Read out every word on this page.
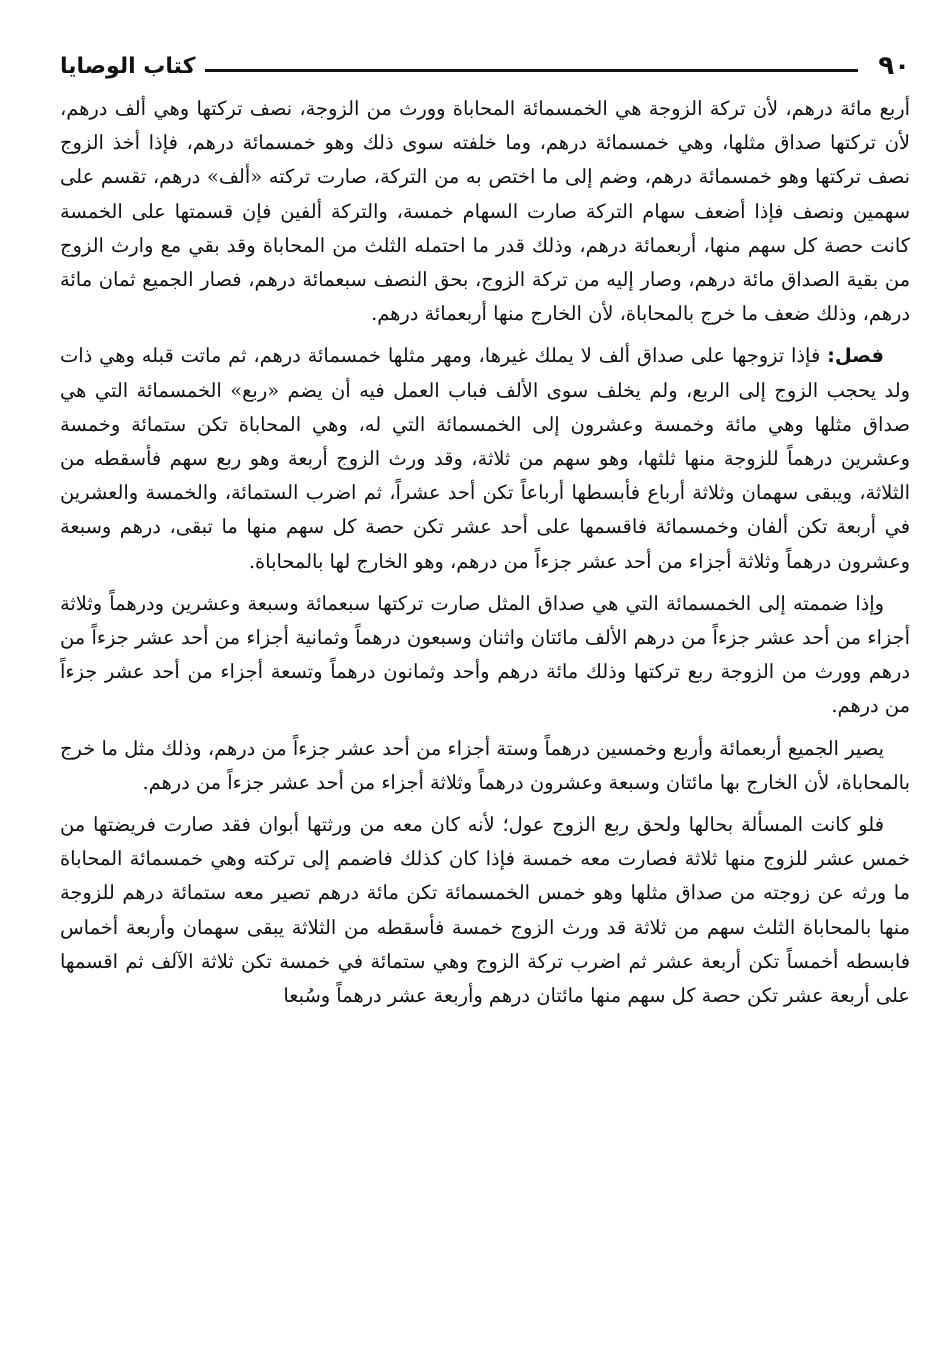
٩٠
كتاب الوصايا

أربع مائة درهم، لأن تركة الزوجة هي الخمسمائة المحاباة وورث من الزوجة، نصف تركتها وهي ألف درهم، لأن تركتها صداق مثلها، وهي خمسمائة درهم، وما خلفته سوى ذلك وهو خمسمائة درهم، فإذا أخذ الزوج نصف تركتها وهو خمسمائة درهم، وضم إلى ما اختص به من التركة، صارت تركته «ألف» درهم، تقسم على سهمين ونصف فإذا أضعف سهام التركة صارت السهام خمسة، والتركة ألفين فإن قسمتها على الخمسة كانت حصة كل سهم منها، أربعمائة درهم، وذلك قدر ما احتمله الثلث من المحاباة وقد بقي مع وارث الزوج من بقية الصداق مائة درهم، وصار إليه من تركة الزوج، بحق النصف سبعمائة درهم، فصار الجميع ثمان مائة درهم، وذلك ضعف ما خرج بالمحاباة، لأن الخارج منها أربعمائة درهم.

فصل: فإذا تزوجها على صداق ألف لا يملك غيرها، ومهر مثلها خمسمائة درهم، ثم ماتت قبله وهي ذات ولد يحجب الزوج إلى الربع، ولم يخلف سوى الألف فباب العمل فيه أن يضم «ربع» الخمسمائة التي هي صداق مثلها وهي مائة وخمسة وعشرون إلى الخمسمائة التي له، وهي المحاباة تكن ستمائة وخمسة وعشرين درهماً للزوجة منها ثلثها، وهو سهم من ثلاثة، وقد ورث الزوج أربعة وهو ربع سهم فأسقطه من الثلاثة، ويبقى سهمان وثلاثة أرباع فأبسطها أرباعاً تكن أحد عشراً، ثم اضرب الستمائة، والخمسة والعشرين في أربعة تكن ألفان وخمسمائة فاقسمها على أحد عشر تكن حصة كل سهم منها ما تبقى، درهم وسبعة وعشرون درهماً وثلاثة أجزاء من أحد عشر جزءاً من درهم، وهو الخارج لها بالمحاباة.

وإذا ضممته إلى الخمسمائة التي هي صداق المثل صارت تركتها سبعمائة وسبعة وعشرين ودرهماً وثلاثة أجزاء من أحد عشر جزءاً من درهم الألف مائتان واثنان وسبعون درهماً وثمانية أجزاء من أحد عشر جزءاً من درهم وورث من الزوجة ربع تركتها وذلك مائة درهم وأحد وثمانون درهماً وتسعة أجزاء من أحد عشر جزءاً من درهم.

يصير الجميع أربعمائة وأربع وخمسين درهماً وستة أجزاء من أحد عشر جزءاً من درهم، وذلك مثل ما خرج بالمحاباة، لأن الخارج بها مائتان وسبعة وعشرون درهماً وثلاثة أجزاء من أحد عشر جزءاً من درهم.

فلو كانت المسألة بحالها ولحق ربع الزوج عول؛ لأنه كان معه من ورثتها أبوان فقد صارت فريضتها من خمس عشر للزوج منها ثلاثة فصارت معه خمسة فإذا كان كذلك فاضمم إلى تركته وهي خمسمائة المحاباة ما ورثه عن زوجته من صداق مثلها وهو خمس الخمسمائة تكن مائة درهم تصير معه ستمائة درهم للزوجة منها بالمحاباة الثلث سهم من ثلاثة قد ورث الزوج خمسة فأسقطه من الثلاثة يبقى سهمان وأربعة أخماس فابسطه أخمساً تكن أربعة عشر ثم اضرب تركة الزوج وهي ستمائة في خمسة تكن ثلاثة الآلف ثم اقسمها على أربعة عشر تكن حصة كل سهم منها مائتان درهم وأربعة عشر درهماً وسُبعا
